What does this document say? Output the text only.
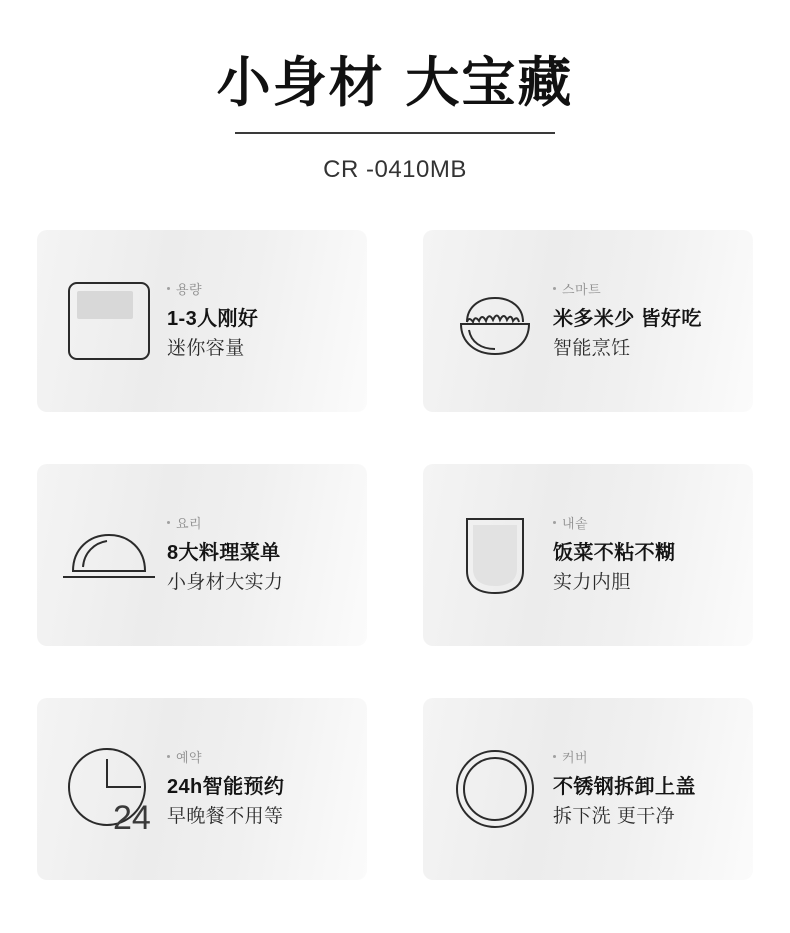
小身材 大宝藏
CR -0410MB
용량
1-3人刚好
迷你容量
스마트
米多米少 皆好吃
智能烹饪
요리
8大料理菜单
小身材大实力
내솥
饭菜不粘不糊
实力内胆
24
예약
24h智能预约
早晚餐不用等
커버
不锈钢拆卸上盖
拆下洗 更干净
